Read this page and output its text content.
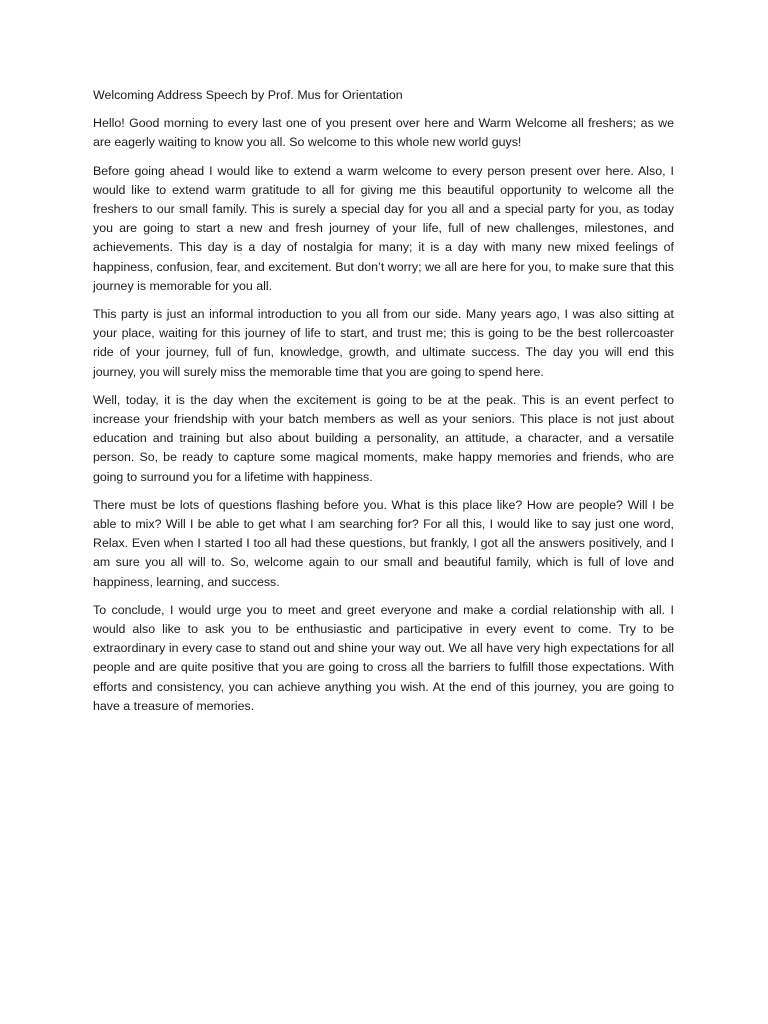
Welcoming Address Speech by Prof. Mus for Orientation

Hello! Good morning to every last one of you present over here and Warm Welcome all freshers; as we are eagerly waiting to know you all. So welcome to this whole new world guys!

Before going ahead I would like to extend a warm welcome to every person present over here. Also, I would like to extend warm gratitude to all for giving me this beautiful opportunity to welcome all the freshers to our small family. This is surely a special day for you all and a special party for you, as today you are going to start a new and fresh journey of your life, full of new challenges, milestones, and achievements. This day is a day of nostalgia for many; it is a day with many new mixed feelings of happiness, confusion, fear, and excitement. But don’t worry; we all are here for you, to make sure that this journey is memorable for you all.

This party is just an informal introduction to you all from our side. Many years ago, I was also sitting at your place, waiting for this journey of life to start, and trust me; this is going to be the best rollercoaster ride of your journey, full of fun, knowledge, growth, and ultimate success. The day you will end this journey, you will surely miss the memorable time that you are going to spend here.

Well, today, it is the day when the excitement is going to be at the peak. This is an event perfect to increase your friendship with your batch members as well as your seniors. This place is not just about education and training but also about building a personality, an attitude, a character, and a versatile person. So, be ready to capture some magical moments, make happy memories and friends, who are going to surround you for a lifetime with happiness.

There must be lots of questions flashing before you. What is this place like? How are people? Will I be able to mix? Will I be able to get what I am searching for? For all this, I would like to say just one word, Relax. Even when I started I too all had these questions, but frankly, I got all the answers positively, and I am sure you all will to. So, welcome again to our small and beautiful family, which is full of love and happiness, learning, and success.

To conclude, I would urge you to meet and greet everyone and make a cordial relationship with all. I would also like to ask you to be enthusiastic and participative in every event to come. Try to be extraordinary in every case to stand out and shine your way out. We all have very high expectations for all people and are quite positive that you are going to cross all the barriers to fulfill those expectations. With efforts and consistency, you can achieve anything you wish. At the end of this journey, you are going to have a treasure of memories.
